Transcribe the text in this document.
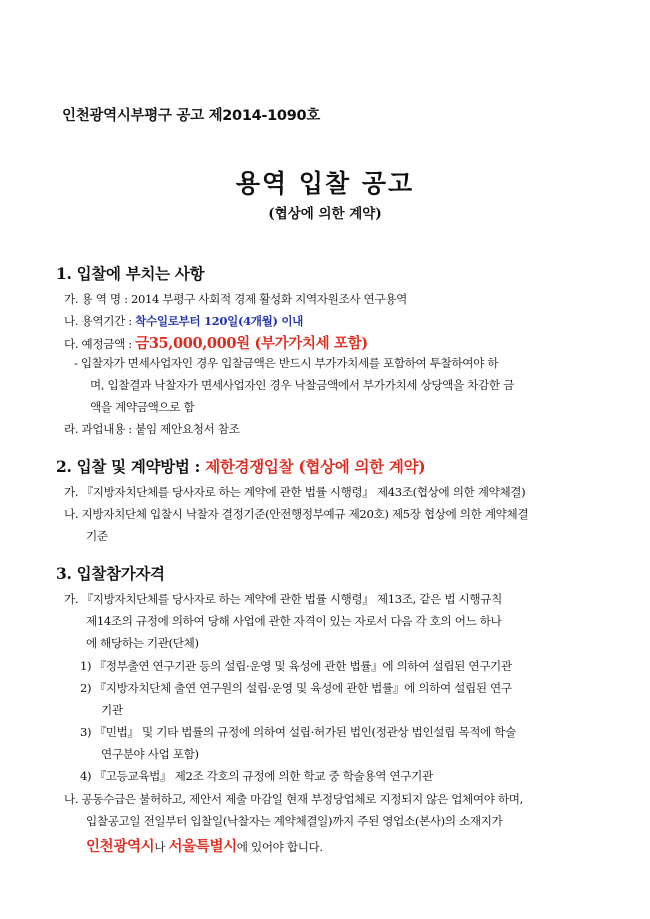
인천광역시부평구 공고 제2014-1090호
용역 입찰 공고
(협상에 의한 계약)
1. 입찰에 부치는 사항
가. 용 역 명 : 2014 부평구 사회적 경제 활성화 지역자원조사 연구용역
나. 용역기간 : 착수일로부터 120일(4개월) 이내
다. 예정금액 : 금35,000,000원 (부가가치세 포함)
- 입찰자가 면세사업자인 경우 입찰금액은 반드시 부가가치세를 포함하여 투찰하여야 하
며, 입찰결과 낙찰자가 면세사업자인 경우 낙찰금액에서 부가가치세 상당액을 차감한 금
액을 계약금액으로 함
라. 과업내용 : 붙임 제안요청서 참조
2. 입찰 및 계약방법 : 제한경쟁입찰 (협상에 의한 계약)
가. 『지방자치단체를 당사자로 하는 계약에 관한 법률 시행령』 제43조(협상에 의한 계약체결)
나. 지방자치단체 입찰시 낙찰자 결정기준(안전행정부예규 제20호) 제5장 협상에 의한 계약체결
기준
3. 입찰참가자격
가. 『지방자치단체를 당사자로 하는 계약에 관한 법률 시행령』 제13조, 같은 법 시행규칙
제14조의 규정에 의하여 당해 사업에 관한 자격이 있는 자로서 다음 각 호의 어느 하나
에 해당하는 기관(단체)
1) 『정부출연 연구기관 등의 설립·운영 및 육성에 관한 법률』에 의하여 설립된 연구기관
2) 『지방자치단체 출연 연구원의 설립·운영 및 육성에 관한 법률』에 의하여 설립된 연구
기관
3) 『민법』 및 기타 법률의 규정에 의하여 설립·허가된 법인(정관상 법인설립 목적에 학술
연구분야 사업 포함)
4) 『고등교육법』 제2조 각호의 규정에 의한 학교 중 학술용역 연구기관
나. 공동수급은 불허하고, 제안서 제출 마감일 현재 부정당업체로 지정되지 않은 업체여야 하며,
입찰공고일 전일부터 입찰일(낙찰자는 계약체결일)까지 주된 영업소(본사)의 소재지가
인천광역시나 서울특별시에 있어야 합니다.
